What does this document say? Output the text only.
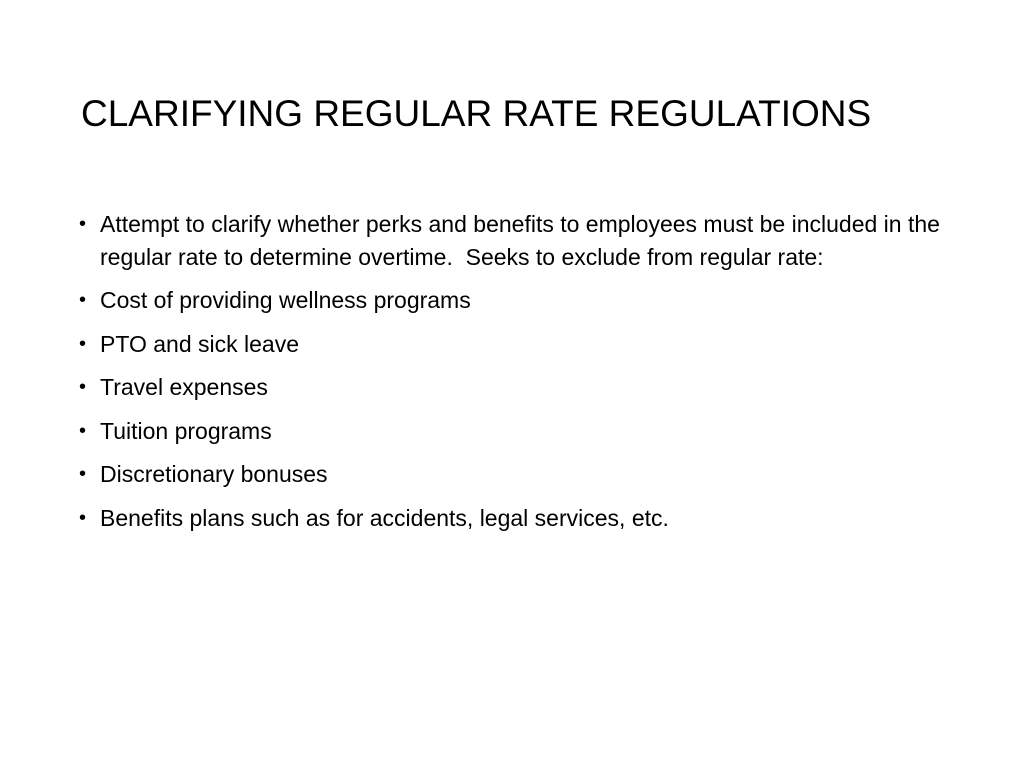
CLARIFYING REGULAR RATE REGULATIONS
• Attempt to clarify whether perks and benefits to employees must be included in the regular rate to determine overtime.  Seeks to exclude from regular rate:
• Cost of providing wellness programs
• PTO and sick leave
• Travel expenses
• Tuition programs
• Discretionary bonuses
• Benefits plans such as for accidents, legal services, etc.
